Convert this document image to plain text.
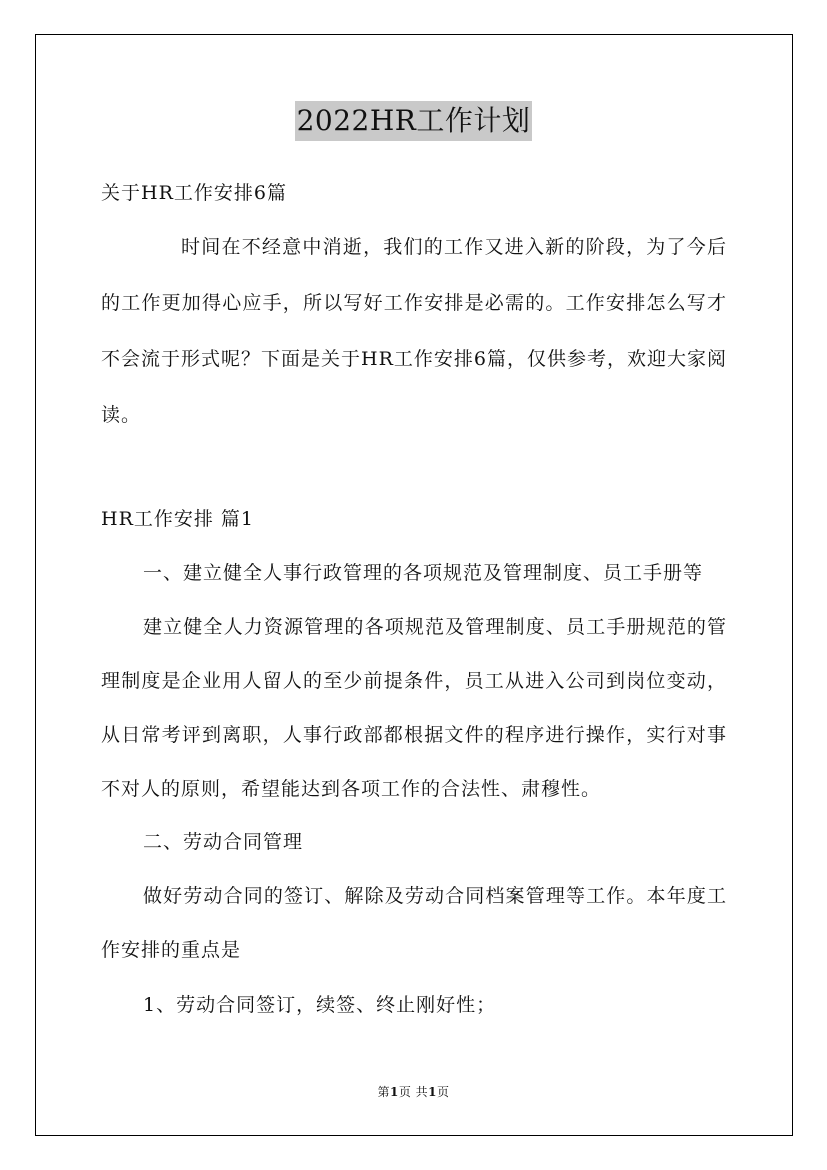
2022HR工作计划
关于HR工作安排6篇
时间在不经意中消逝，我们的工作又进入新的阶段，为了今后的工作更加得心应手，所以写好工作安排是必需的。工作安排怎么写才不会流于形式呢？下面是关于HR工作安排6篇，仅供参考，欢迎大家阅读。
HR工作安排 篇1
一、建立健全人事行政管理的各项规范及管理制度、员工手册等
建立健全人力资源管理的各项规范及管理制度、员工手册规范的管理制度是企业用人留人的至少前提条件，员工从进入公司到岗位变动，从日常考评到离职，人事行政部都根据文件的程序进行操作，实行对事不对人的原则，希望能达到各项工作的合法性、肃穆性。
二、劳动合同管理
做好劳动合同的签订、解除及劳动合同档案管理等工作。本年度工作安排的重点是
1、劳动合同签订，续签、终止刚好性；
第1页 共1页
